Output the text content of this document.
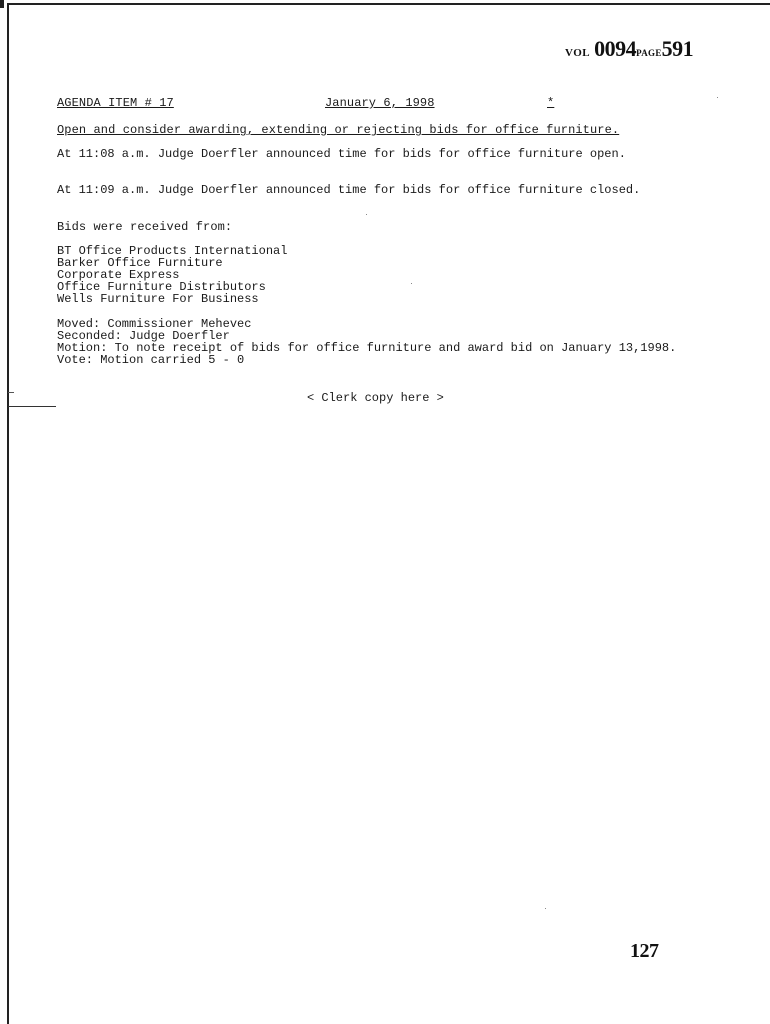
VOL 0094PAGE591
AGENDA ITEM # 17	January 6, 1998	*
Open and consider awarding, extending or rejecting bids for office furniture.
At 11:08 a.m. Judge Doerfler announced time for bids for office furniture open.
At 11:09 a.m. Judge Doerfler announced time for bids for office furniture closed.
Bids were received from:
BT Office Products International
Barker Office Furniture
Corporate Express
Office Furniture Distributors
Wells Furniture For Business
Moved: Commissioner Mehevec
Seconded: Judge Doerfler
Motion: To note receipt of bids for office furniture and award bid on January 13,1998.
Vote: Motion carried 5 - 0
< Clerk copy here >
127
